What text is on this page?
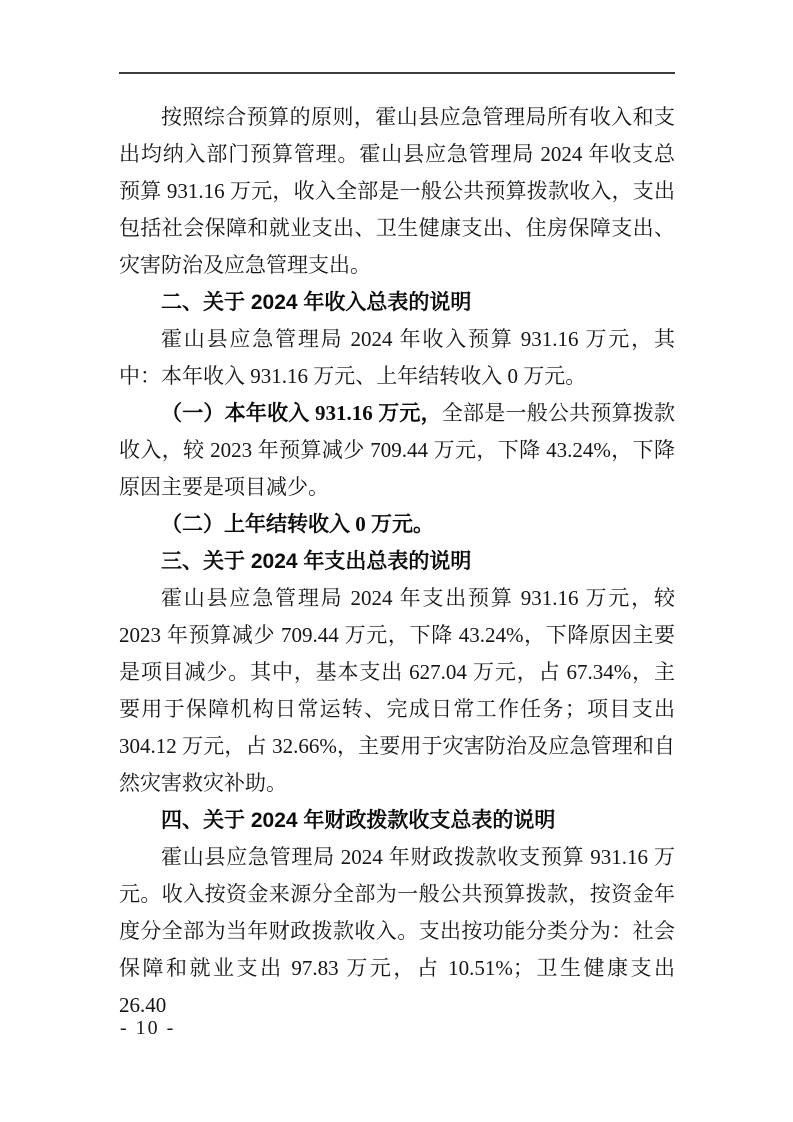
按照综合预算的原则，霍山县应急管理局所有收入和支出均纳入部门预算管理。霍山县应急管理局 2024 年收支总预算 931.16 万元，收入全部是一般公共预算拨款收入，支出包括社会保障和就业支出、卫生健康支出、住房保障支出、灾害防治及应急管理支出。

二、关于 2024 年收入总表的说明

霍山县应急管理局 2024 年收入预算 931.16 万元，其中：本年收入 931.16 万元、上年结转收入 0 万元。

（一）本年收入 931.16 万元，全部是一般公共预算拨款收入，较 2023 年预算减少 709.44 万元，下降 43.24%，下降原因主要是项目减少。

（二）上年结转收入 0 万元。

三、关于 2024 年支出总表的说明

霍山县应急管理局 2024 年支出预算 931.16 万元，较 2023 年预算减少 709.44 万元，下降 43.24%，下降原因主要是项目减少。其中，基本支出 627.04 万元，占 67.34%，主要用于保障机构日常运转、完成日常工作任务；项目支出 304.12 万元，占 32.66%，主要用于灾害防治及应急管理和自然灾害救灾补助。

四、关于 2024 年财政拨款收支总表的说明

霍山县应急管理局 2024 年财政拨款收支预算 931.16 万元。收入按资金来源分全部为一般公共预算拨款，按资金年度分全部为当年财政拨款收入。支出按功能分类分为：社会保障和就业支出 97.83 万元，占 10.51%；卫生健康支出 26.40

- 10 -
